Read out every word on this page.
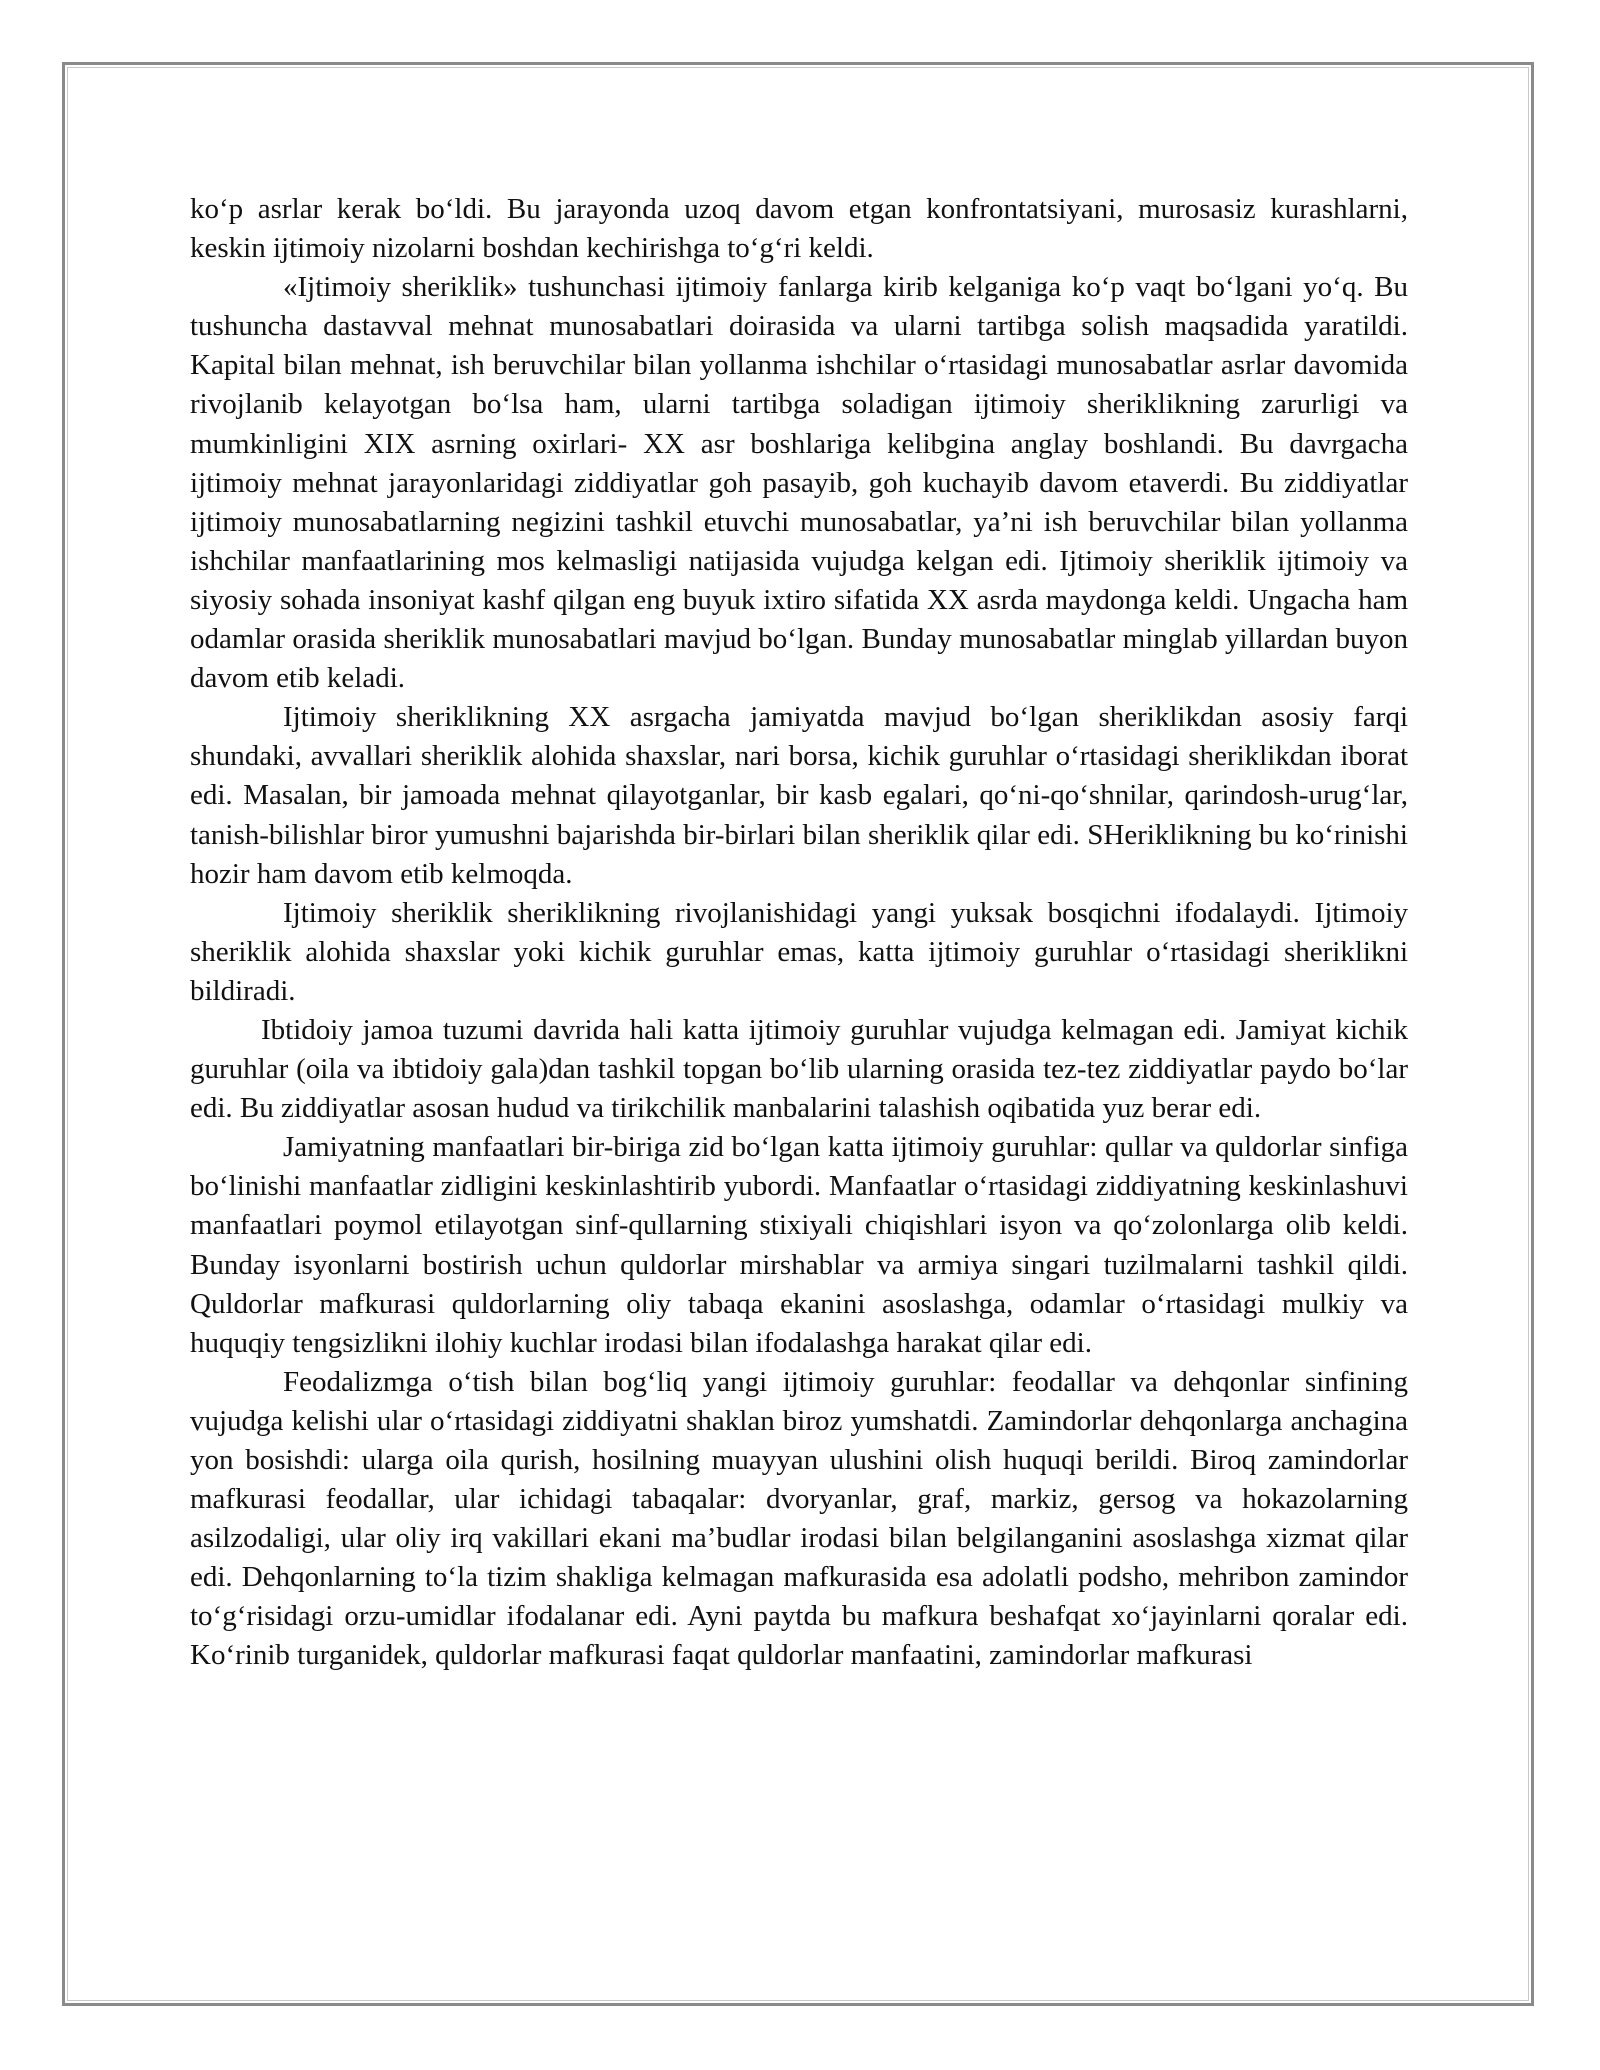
ko‘p asrlar kerak bo‘ldi. Bu jarayonda uzoq davom etgan konfrontatsiyani, murosasiz kurashlarni, keskin ijtimoiy nizolarni boshdan kechirishga to‘g‘ri keldi.

«Ijtimoiy sheriklik» tushunchasi ijtimoiy fanlarga kirib kelganiga ko‘p vaqt bo‘lgani yo‘q. Bu tushuncha dastavval mehnat munosabatlari doirasida va ularni tartibga solish maqsadida yaratildi. Kapital bilan mehnat, ish beruvchilar bilan yollanma ishchilar o‘rtasidagi munosabatlar asrlar davomida rivojlanib kelayotgan bo‘lsa ham, ularni tartibga soladigan ijtimoiy sheriklikning zarurligi va mumkinligini XIX asrning oxirlari- XX asr boshlariga kelibgina anglay boshlandi. Bu davrgacha ijtimoiy mehnat jarayonlaridagi ziddiyatlar goh pasayib, goh kuchayib davom etaverdi. Bu ziddiyatlar ijtimoiy munosabatlarning negizini tashkil etuvchi munosabatlar, ya’ni ish beruvchilar bilan yollanma ishchilar manfaatlarining mos kelmasligi natijasida vujudga kelgan edi. Ijtimoiy sheriklik ijtimoiy va siyosiy sohada insoniyat kashf qilgan eng buyuk ixtiro sifatida XX asrda maydonga keldi. Ungacha ham odamlar orasida sheriklik munosabatlari mavjud bo‘lgan. Bunday munosabatlar minglab yillardan buyon davom etib keladi.

Ijtimoiy sheriklikning XX asrgacha jamiyatda mavjud bo‘lgan sheriklikdan asosiy farqi shundaki, avvallari sheriklik alohida shaxslar, nari borsa, kichik guruhlar o‘rtasidagi sheriklikdan iborat edi. Masalan, bir jamoada mehnat qilayotganlar, bir kasb egalari, qo‘ni-qo‘shnilar, qarindosh-urug‘lar, tanish-bilishlar biror yumushni bajarishda bir-birlari bilan sheriklik qilar edi. SHeriklikning bu ko‘rinishi hozir ham davom etib kelmoqda.

Ijtimoiy sheriklik sheriklikning rivojlanishidagi yangi yuksak bosqichni ifodalaydi. Ijtimoiy sheriklik alohida shaxslar yoki kichik guruhlar emas, katta ijtimoiy guruhlar o‘rtasidagi sheriklikni bildiradi.

Ibtidoiy jamoa tuzumi davrida hali katta ijtimoiy guruhlar vujudga kelmagan edi. Jamiyat kichik guruhlar (oila va ibtidoiy gala)dan tashkil topgan bo‘lib ularning orasida tez-tez ziddiyatlar paydo bo‘lar edi. Bu ziddiyatlar asosan hudud va tirikchilik manbalarini talashish oqibatida yuz berar edi.

Jamiyatning manfaatlari bir-biriga zid bo‘lgan katta ijtimoiy guruhlar: qullar va quldorlar sinfiga bo‘linishi manfaatlar zidligini keskinlashtirib yubordi. Manfaatlar o‘rtasidagi ziddiyatning keskinlashuvi manfaatlari poymol etilayotgan sinf-qullarning stixiyali chiqishlari isyon va qo‘zolonlarga olib keldi. Bunday isyonlarni bostirish uchun quldorlar mirshablar va armiya singari tuzilmalarni tashkil qildi. Quldorlar mafkurasi quldorlarning oliy tabaqa ekanini asoslashga, odamlar o‘rtasidagi mulkiy va huquqiy tengsizlikni ilohiy kuchlar irodasi bilan ifodalashga harakat qilar edi.

Feodalizmga o‘tish bilan bog‘liq yangi ijtimoiy guruhlar: feodallar va dehqonlar sinfining vujudga kelishi ular o‘rtasidagi ziddiyatni shaklan biroz yumshatdi. Zamindorlar dehqonlarga anchagina yon bosishdi: ularga oila qurish, hosilning muayyan ulushini olish huquqi berildi. Biroq zamindorlar mafkurasi feodallar, ular ichidagi tabaqalar: dvoryanlar, graf, markiz, gersog va hokazolarning asilzodaligi, ular oliy irq vakillari ekani ma’budlar irodasi bilan belgilanganini asoslashga xizmat qilar edi. Dehqonlarning to‘la tizim shakliga kelmagan mafkurasida esa adolatli podsho, mehribon zamindor to‘g‘risidagi orzu-umidlar ifodalanar edi. Ayni paytda bu mafkura beshafqat xo‘jayinlarni qoralar edi. Ko‘rinib turganidek, quldorlar mafkurasi faqat quldorlar manfaatini, zamindorlar mafkurasi
